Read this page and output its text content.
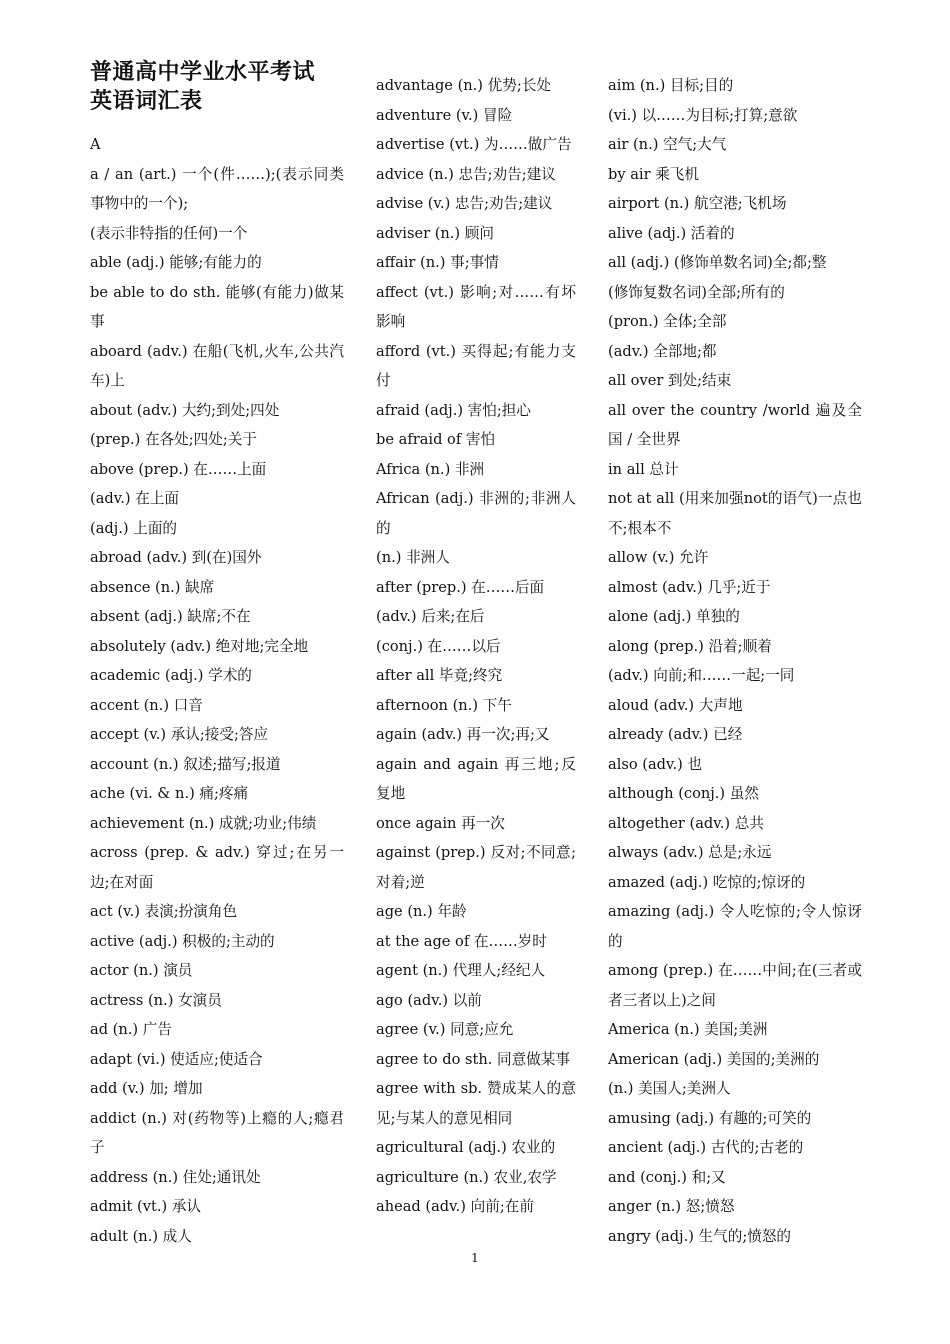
普通高中学业水平考试
英语词汇表
A
a / an (art.) 一个(件……);(表示同类事物中的一个);
(表示非特指的任何)一个
able (adj.) 能够;有能力的
be able to do sth. 能够(有能力)做某事
aboard (adv.) 在船(飞机,火车,公共汽车)上
about (adv.) 大约;到处;四处
(prep.) 在各处;四处;关于
above (prep.) 在……上面
(adv.) 在上面
(adj.) 上面的
abroad (adv.) 到(在)国外
absence (n.) 缺席
absent (adj.) 缺席;不在
absolutely (adv.) 绝对地;完全地
academic (adj.) 学术的
accent (n.) 口音
accept (v.) 承认;接受;答应
account (n.) 叙述;描写;报道
ache (vi. & n.) 痛;疼痛
achievement (n.) 成就;功业;伟绩
across (prep. & adv.) 穿过;在另一边;在对面
act (v.) 表演;扮演角色
active (adj.) 积极的;主动的
actor (n.) 演员
actress (n.) 女演员
ad (n.) 广告
adapt (vi.) 使适应;使适合
add (v.) 加; 增加
addict (n.) 对(药物等)上瘾的人;瘾君子
address (n.) 住处;通讯处
admit (vt.) 承认
adult (n.) 成人
advantage (n.) 优势;长处
adventure (v.) 冒险
advertise (vt.) 为……做广告
advice (n.) 忠告;劝告;建议
advise (v.) 忠告;劝告;建议
adviser (n.) 顾问
affair (n.) 事;事情
affect (vt.) 影响;对……有坏影响
afford (vt.) 买得起;有能力支付
afraid (adj.) 害怕;担心
be afraid of 害怕
Africa (n.) 非洲
African (adj.) 非洲的;非洲人的
(n.) 非洲人
after (prep.) 在……后面
(adv.) 后来;在后
(conj.) 在……以后
after all 毕竟;终究
afternoon (n.) 下午
again (adv.) 再一次;再;又
again and again 再三地;反复地
once again 再一次
against (prep.) 反对;不同意;对着;逆
age (n.) 年龄
at the age of 在……岁时
agent (n.) 代理人;经纪人
ago (adv.) 以前
agree (v.) 同意;应允
agree to do sth. 同意做某事
agree with sb. 赞成某人的意见;与某人的意见相同
agricultural (adj.) 农业的
agriculture (n.) 农业,农学
ahead (adv.) 向前;在前
aim (n.) 目标;目的
(vi.) 以……为目标;打算;意欲
air (n.) 空气;大气
by air 乘飞机
airport (n.) 航空港;飞机场
alive (adj.) 活着的
all (adj.) (修饰单数名词)全;都;整
(修饰复数名词)全部;所有的
(pron.) 全体;全部
(adv.) 全部地;都
all over 到处;结束
all over the country /world 遍及全国 / 全世界
in all 总计
not at all (用来加强not的语气)一点也不;根本不
allow (v.) 允许
almost (adv.) 几乎;近于
alone (adj.) 单独的
along (prep.) 沿着;顺着
(adv.) 向前;和……一起;一同
aloud (adv.) 大声地
already (adv.) 已经
also (adv.) 也
although (conj.) 虽然
altogether (adv.) 总共
always (adv.) 总是;永远
amazed (adj.) 吃惊的;惊讶的
amazing (adj.) 令人吃惊的;令人惊讶的
among (prep.) 在……中间;在(三者或者三者以上)之间
America (n.) 美国;美洲
American (adj.) 美国的;美洲的
(n.) 美国人;美洲人
amusing (adj.) 有趣的;可笑的
ancient (adj.) 古代的;古老的
and (conj.) 和;又
anger (n.) 怒;愤怒
angry (adj.) 生气的;愤怒的
1
